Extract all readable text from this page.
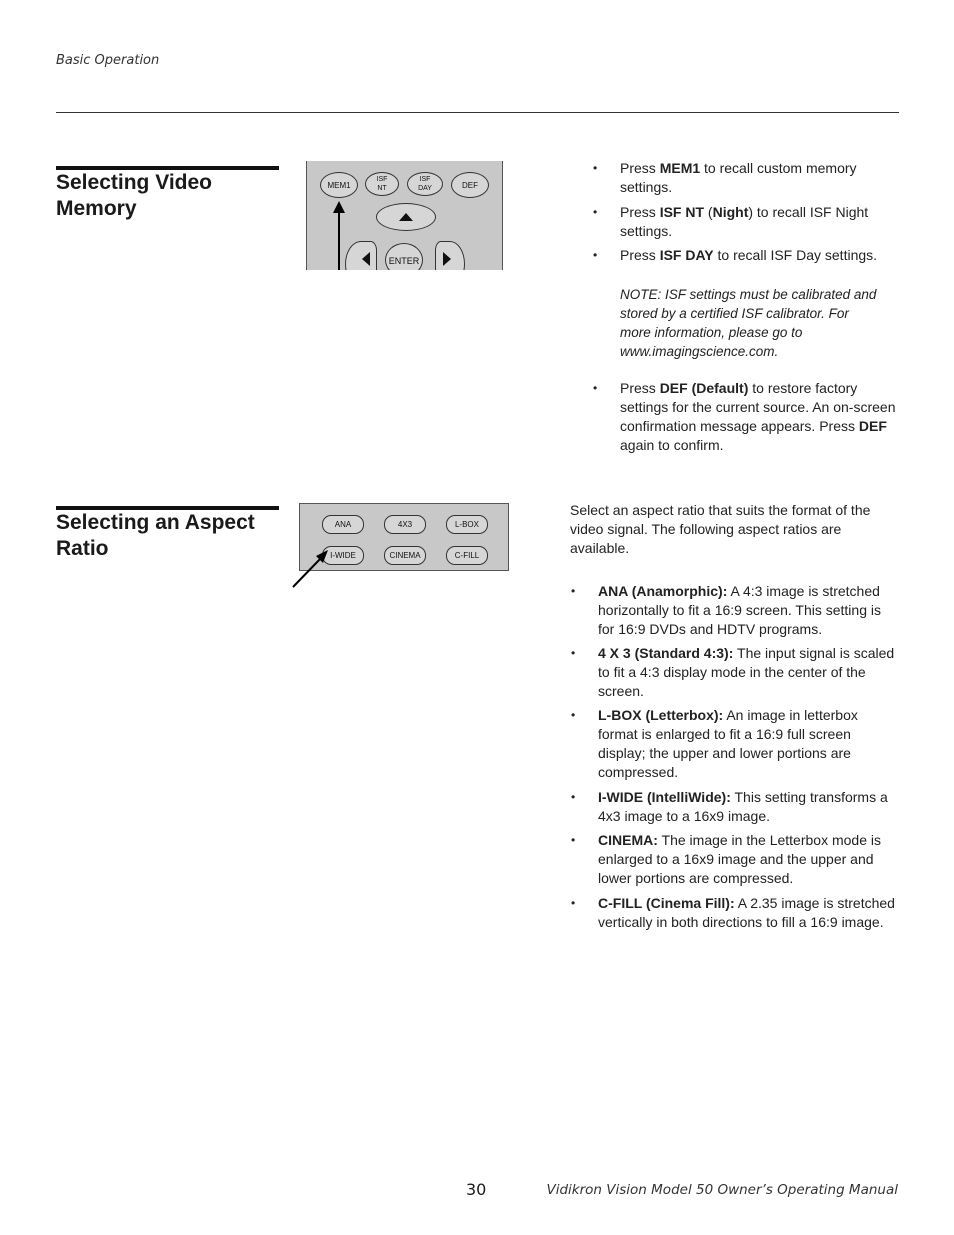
Basic Operation
Selecting Video Memory
MEM1
ISF NT
ISF DAY	DEF
ENTER
• Press MEM1 to recall custom memory settings.
• Press ISF NT (Night) to recall ISF Night settings.
• Press ISF DAY to recall ISF Day settings.
NOTE: ISF settings must be calibrated and stored by a certified ISF calibrator. For more information, please go to www.imagingscience.com.
• Press DEF (Default) to restore factory settings for the current source. An on-screen confirmation message appears. Press DEF again to confirm.
Selecting an Aspect Ratio
ANA	4X3	L-BOX
I-WIDE	CINEMA	C-FILL
Select an aspect ratio that suits the format of the video signal. The following aspect ratios are available.
• ANA (Anamorphic): A 4:3 image is stretched horizontally to fit a 16:9 screen. This setting is for 16:9 DVDs and HDTV programs.
• 4 X 3 (Standard 4:3): The input signal is scaled to fit a 4:3 display mode in the center of the screen.
• L-BOX (Letterbox): An image in letterbox format is enlarged to fit a 16:9 full screen display; the upper and lower portions are compressed.
• I-WIDE (IntelliWide): This setting transforms a 4x3 image to a 16x9 image.
• CINEMA: The image in the Letterbox mode is enlarged to a 16x9 image and the upper and lower portions are compressed.
• C-FILL (Cinema Fill): A 2.35 image is stretched vertically in both directions to fill a 16:9 image.
30	Vidikron Vision Model 50 Owner’s Operating Manual
